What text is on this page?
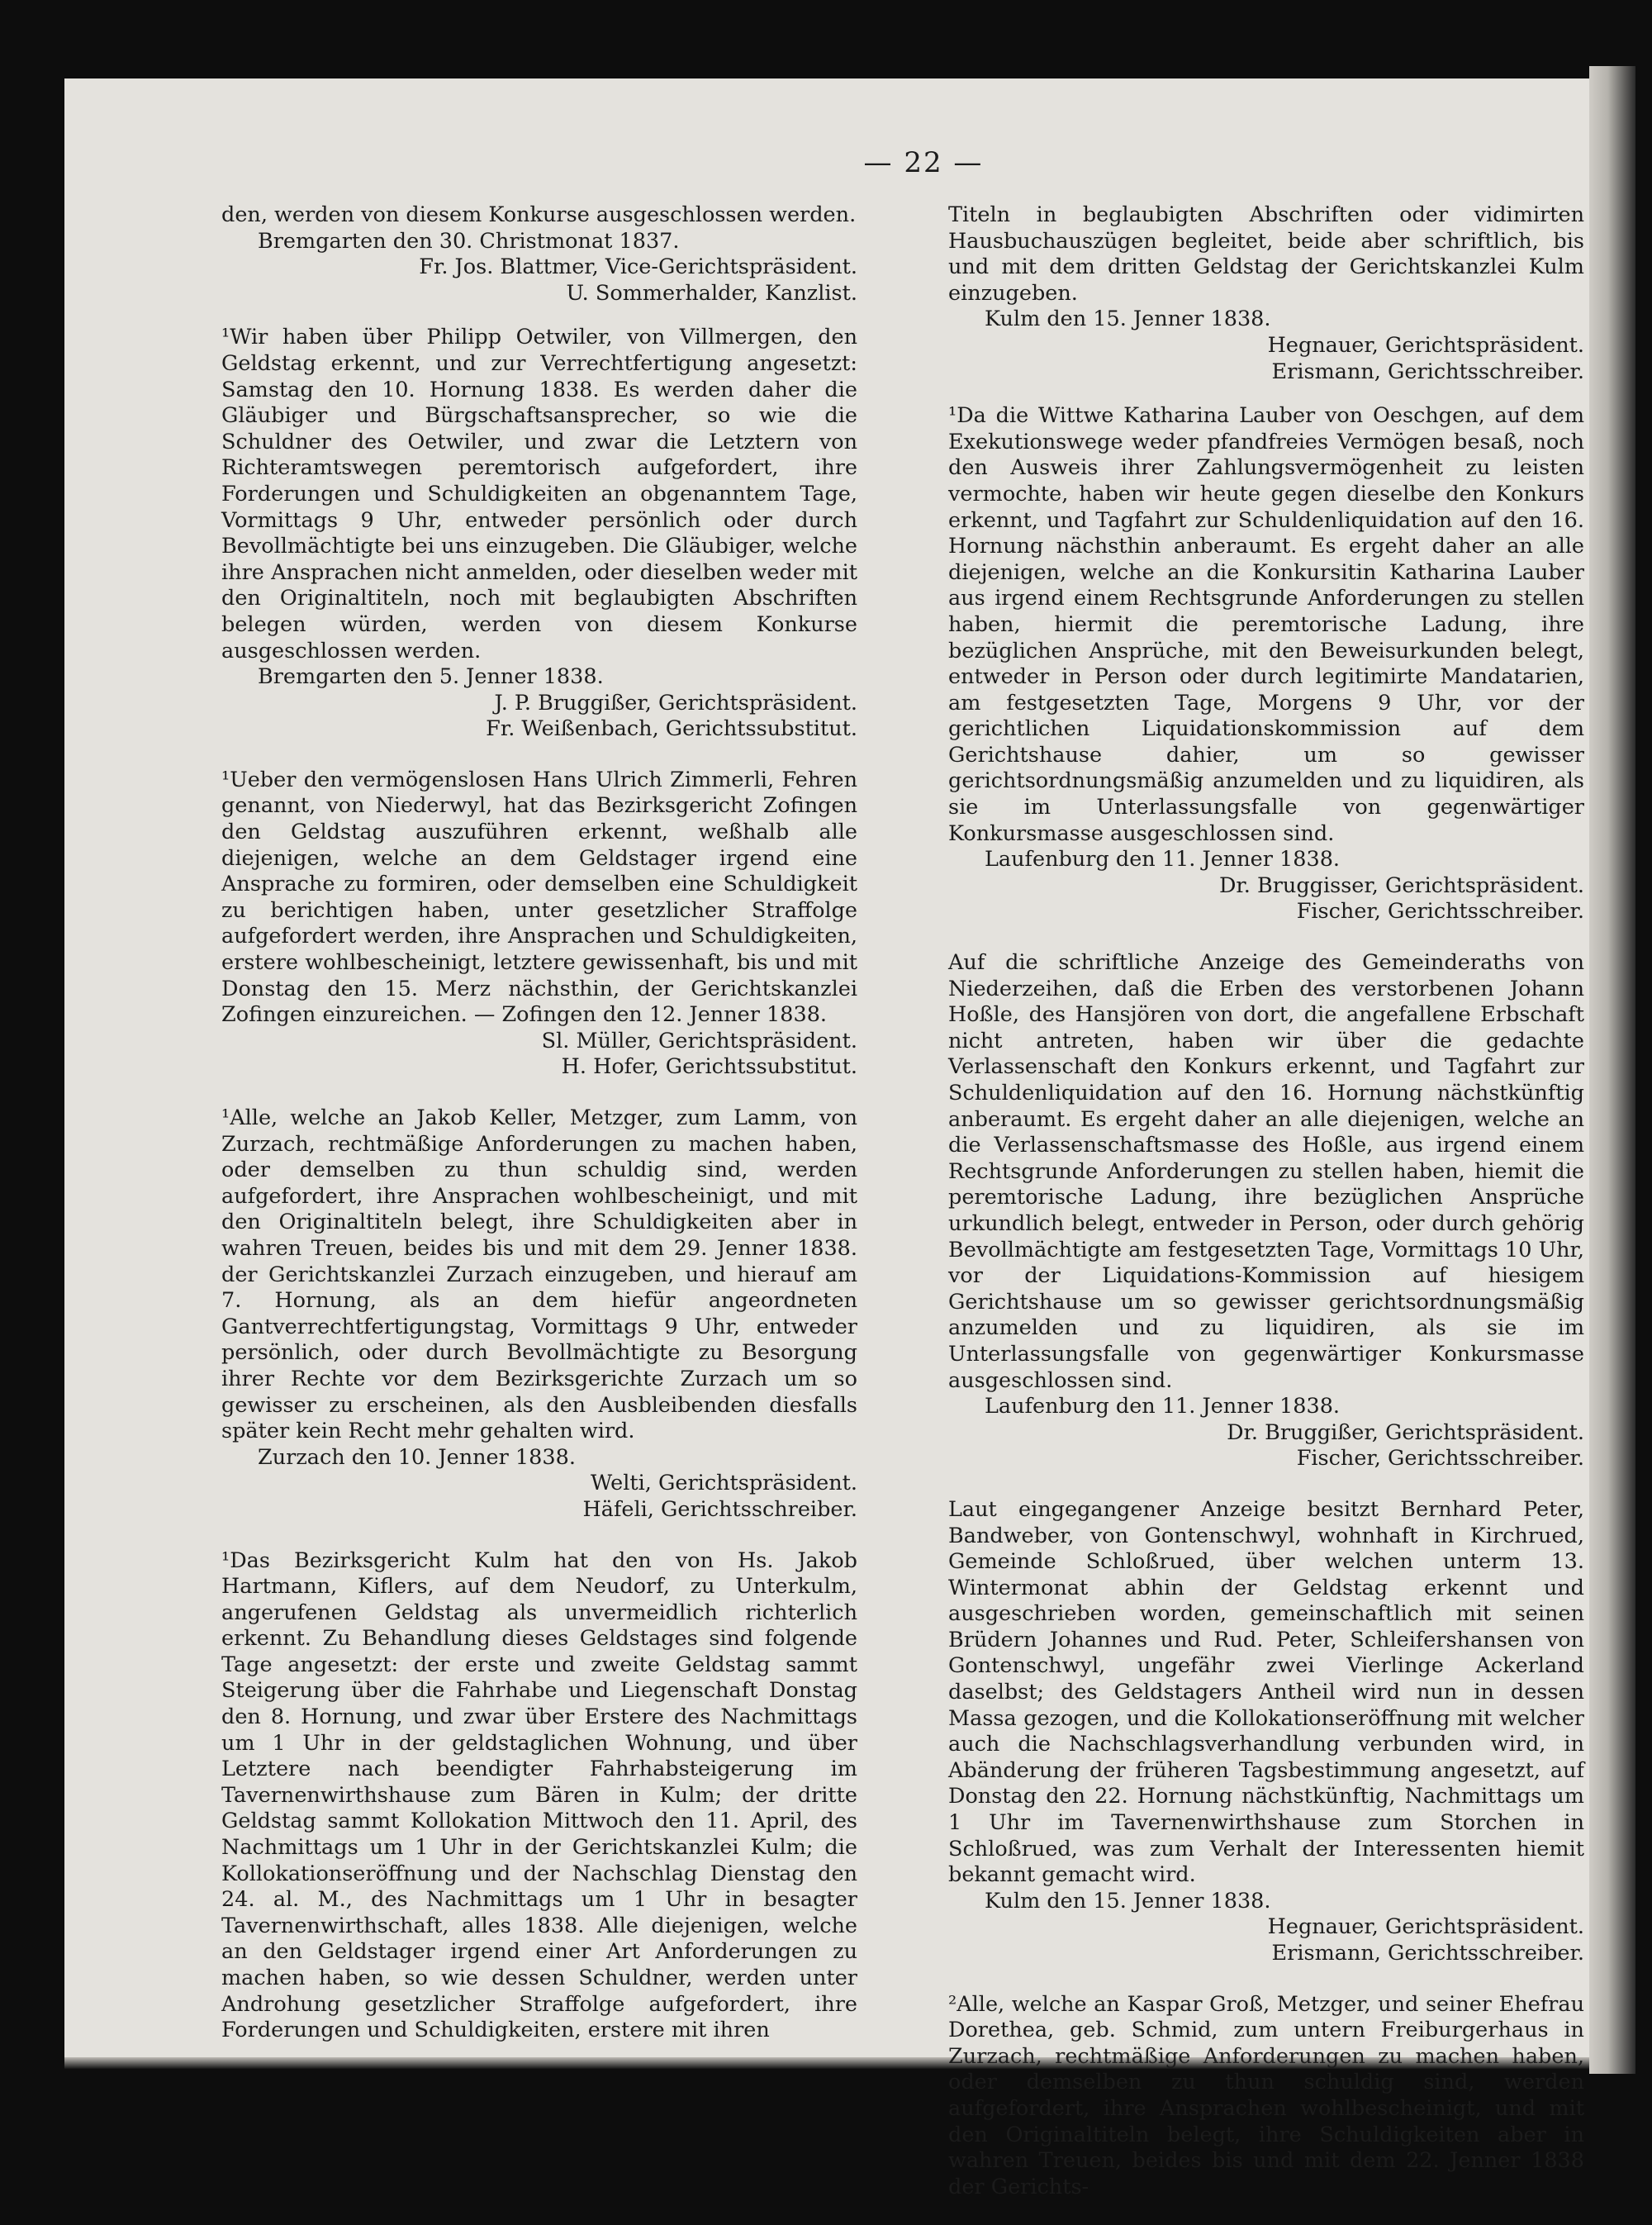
— 22 —

den, werden von diesem Konkurse ausgeschlossen werden.

Bremgarten den 30. Christmonat 1837.

Fr. Jos. Blattmer, Vice-Gerichtspräsident.

U. Sommerhalder, Kanzlist.

¹Wir haben über Philipp Oetwiler, von Villmergen, den Geldstag erkennt, und zur Verrechtfertigung angesetzt: Samstag den 10. Hornung 1838. Es werden daher die Gläubiger und Bürgschaftsansprecher, so wie die Schuldner des Oetwiler, und zwar die Letztern von Richteramtswegen peremtorisch aufgefordert, ihre Forderungen und Schuldigkeiten an obgenanntem Tage, Vormittags 9 Uhr, entweder persönlich oder durch Bevollmächtigte bei uns einzugeben. Die Gläubiger, welche ihre Ansprachen nicht anmelden, oder dieselben weder mit den Originaltiteln, noch mit beglaubigten Abschriften belegen würden, werden von diesem Konkurse ausgeschlossen werden.

Bremgarten den 5. Jenner 1838.

J. P. Bruggißer, Gerichtspräsident.

Fr. Weißenbach, Gerichtssubstitut.

¹Ueber den vermögenslosen Hans Ulrich Zimmerli, Fehren genannt, von Niederwyl, hat das Bezirksgericht Zofingen den Geldstag auszuführen erkennt, weßhalb alle diejenigen, welche an dem Geldstager irgend eine Ansprache zu formiren, oder demselben eine Schuldigkeit zu berichtigen haben, unter gesetzlicher Straffolge aufgefordert werden, ihre Ansprachen und Schuldigkeiten, erstere wohlbescheinigt, letztere gewissenhaft, bis und mit Donstag den 15. Merz nächsthin, der Gerichtskanzlei Zofingen einzureichen. — Zofingen den 12. Jenner 1838.

Sl. Müller, Gerichtspräsident.

H. Hofer, Gerichtssubstitut.

¹Alle, welche an Jakob Keller, Metzger, zum Lamm, von Zurzach, rechtmäßige Anforderungen zu machen haben, oder demselben zu thun schuldig sind, werden aufgefordert, ihre Ansprachen wohlbescheinigt, und mit den Originaltiteln belegt, ihre Schuldigkeiten aber in wahren Treuen, beides bis und mit dem 29. Jenner 1838. der Gerichtskanzlei Zurzach einzugeben, und hierauf am 7. Hornung, als an dem hiefür angeordneten Gantverrechtfertigungstag, Vormittags 9 Uhr, entweder persönlich, oder durch Bevollmächtigte zu Besorgung ihrer Rechte vor dem Bezirksgerichte Zurzach um so gewisser zu erscheinen, als den Ausbleibenden diesfalls später kein Recht mehr gehalten wird.

Zurzach den 10. Jenner 1838.

Welti, Gerichtspräsident.

Häfeli, Gerichtsschreiber.

¹Das Bezirksgericht Kulm hat den von Hs. Jakob Hartmann, Kiflers, auf dem Neudorf, zu Unterkulm, angerufenen Geldstag als unvermeidlich richterlich erkennt. Zu Behandlung dieses Geldstages sind folgende Tage angesetzt: der erste und zweite Geldstag sammt Steigerung über die Fahrhabe und Liegenschaft Donstag den 8. Hornung, und zwar über Erstere des Nachmittags um 1 Uhr in der geldstaglichen Wohnung, und über Letztere nach beendigter Fahrhabsteigerung im Tavernenwirthshause zum Bären in Kulm; der dritte Geldstag sammt Kollokation Mittwoch den 11. April, des Nachmittags um 1 Uhr in der Gerichtskanzlei Kulm; die Kollokationseröffnung und der Nachschlag Dienstag den 24. al. M., des Nachmittags um 1 Uhr in besagter Tavernenwirthschaft, alles 1838. Alle diejenigen, welche an den Geldstager irgend einer Art Anforderungen zu machen haben, so wie dessen Schuldner, werden unter Androhung gesetzlicher Straffolge aufgefordert, ihre Forderungen und Schuldigkeiten, erstere mit ihren

Titeln in beglaubigten Abschriften oder vidimirten Hausbuchauszügen begleitet, beide aber schriftlich, bis und mit dem dritten Geldstag der Gerichtskanzlei Kulm einzugeben.

Kulm den 15. Jenner 1838.

Hegnauer, Gerichtspräsident.

Erismann, Gerichtsschreiber.

¹Da die Wittwe Katharina Lauber von Oeschgen, auf dem Exekutionswege weder pfandfreies Vermögen besaß, noch den Ausweis ihrer Zahlungsvermögenheit zu leisten vermochte, haben wir heute gegen dieselbe den Konkurs erkennt, und Tagfahrt zur Schuldenliquidation auf den 16. Hornung nächsthin anberaumt. Es ergeht daher an alle diejenigen, welche an die Konkursitin Katharina Lauber aus irgend einem Rechtsgrunde Anforderungen zu stellen haben, hiermit die peremtorische Ladung, ihre bezüglichen Ansprüche, mit den Beweisurkunden belegt, entweder in Person oder durch legitimirte Mandatarien, am festgesetzten Tage, Morgens 9 Uhr, vor der gerichtlichen Liquidationskommission auf dem Gerichtshause dahier, um so gewisser gerichtsordnungsmäßig anzumelden und zu liquidiren, als sie im Unterlassungsfalle von gegenwärtiger Konkursmasse ausgeschlossen sind.

Laufenburg den 11. Jenner 1838.

Dr. Bruggisser, Gerichtspräsident.

Fischer, Gerichtsschreiber.

Auf die schriftliche Anzeige des Gemeinderaths von Niederzeihen, daß die Erben des verstorbenen Johann Hoßle, des Hansjören von dort, die angefallene Erbschaft nicht antreten, haben wir über die gedachte Verlassenschaft den Konkurs erkennt, und Tagfahrt zur Schuldenliquidation auf den 16. Hornung nächstkünftig anberaumt. Es ergeht daher an alle diejenigen, welche an die Verlassenschaftsmasse des Hoßle, aus irgend einem Rechtsgrunde Anforderungen zu stellen haben, hiemit die peremtorische Ladung, ihre bezüglichen Ansprüche urkundlich belegt, entweder in Person, oder durch gehörig Bevollmächtigte am festgesetzten Tage, Vormittags 10 Uhr, vor der Liquidations-Kommission auf hiesigem Gerichtshause um so gewisser gerichtsordnungsmäßig anzumelden und zu liquidiren, als sie im Unterlassungsfalle von gegenwärtiger Konkursmasse ausgeschlossen sind.

Laufenburg den 11. Jenner 1838.

Dr. Bruggißer, Gerichtspräsident.

Fischer, Gerichtsschreiber.

Laut eingegangener Anzeige besitzt Bernhard Peter, Bandweber, von Gontenschwyl, wohnhaft in Kirchrued, Gemeinde Schloßrued, über welchen unterm 13. Wintermonat abhin der Geldstag erkennt und ausgeschrieben worden, gemeinschaftlich mit seinen Brüdern Johannes und Rud. Peter, Schleifershansen von Gontenschwyl, ungefähr zwei Vierlinge Ackerland daselbst; des Geldstagers Antheil wird nun in dessen Massa gezogen, und die Kollokationseröffnung mit welcher auch die Nachschlagsverhandlung verbunden wird, in Abänderung der früheren Tagsbestimmung angesetzt, auf Donstag den 22. Hornung nächstkünftig, Nachmittags um 1 Uhr im Tavernenwirthshause zum Storchen in Schloßrued, was zum Verhalt der Interessenten hiemit bekannt gemacht wird.

Kulm den 15. Jenner 1838.

Hegnauer, Gerichtspräsident.

Erismann, Gerichtsschreiber.

²Alle, welche an Kaspar Groß, Metzger, und seiner Ehefrau Dorethea, geb. Schmid, zum untern Freiburgerhaus in Zurzach, rechtmäßige Anforderungen zu machen haben, oder demselben zu thun schuldig sind, werden aufgefordert, ihre Ansprachen wohlbescheinigt, und mit den Originaltiteln belegt, ihre Schuldigkeiten aber in wahren Treuen, beides bis und mit dem 22. Jenner 1838 der Gerichts-
